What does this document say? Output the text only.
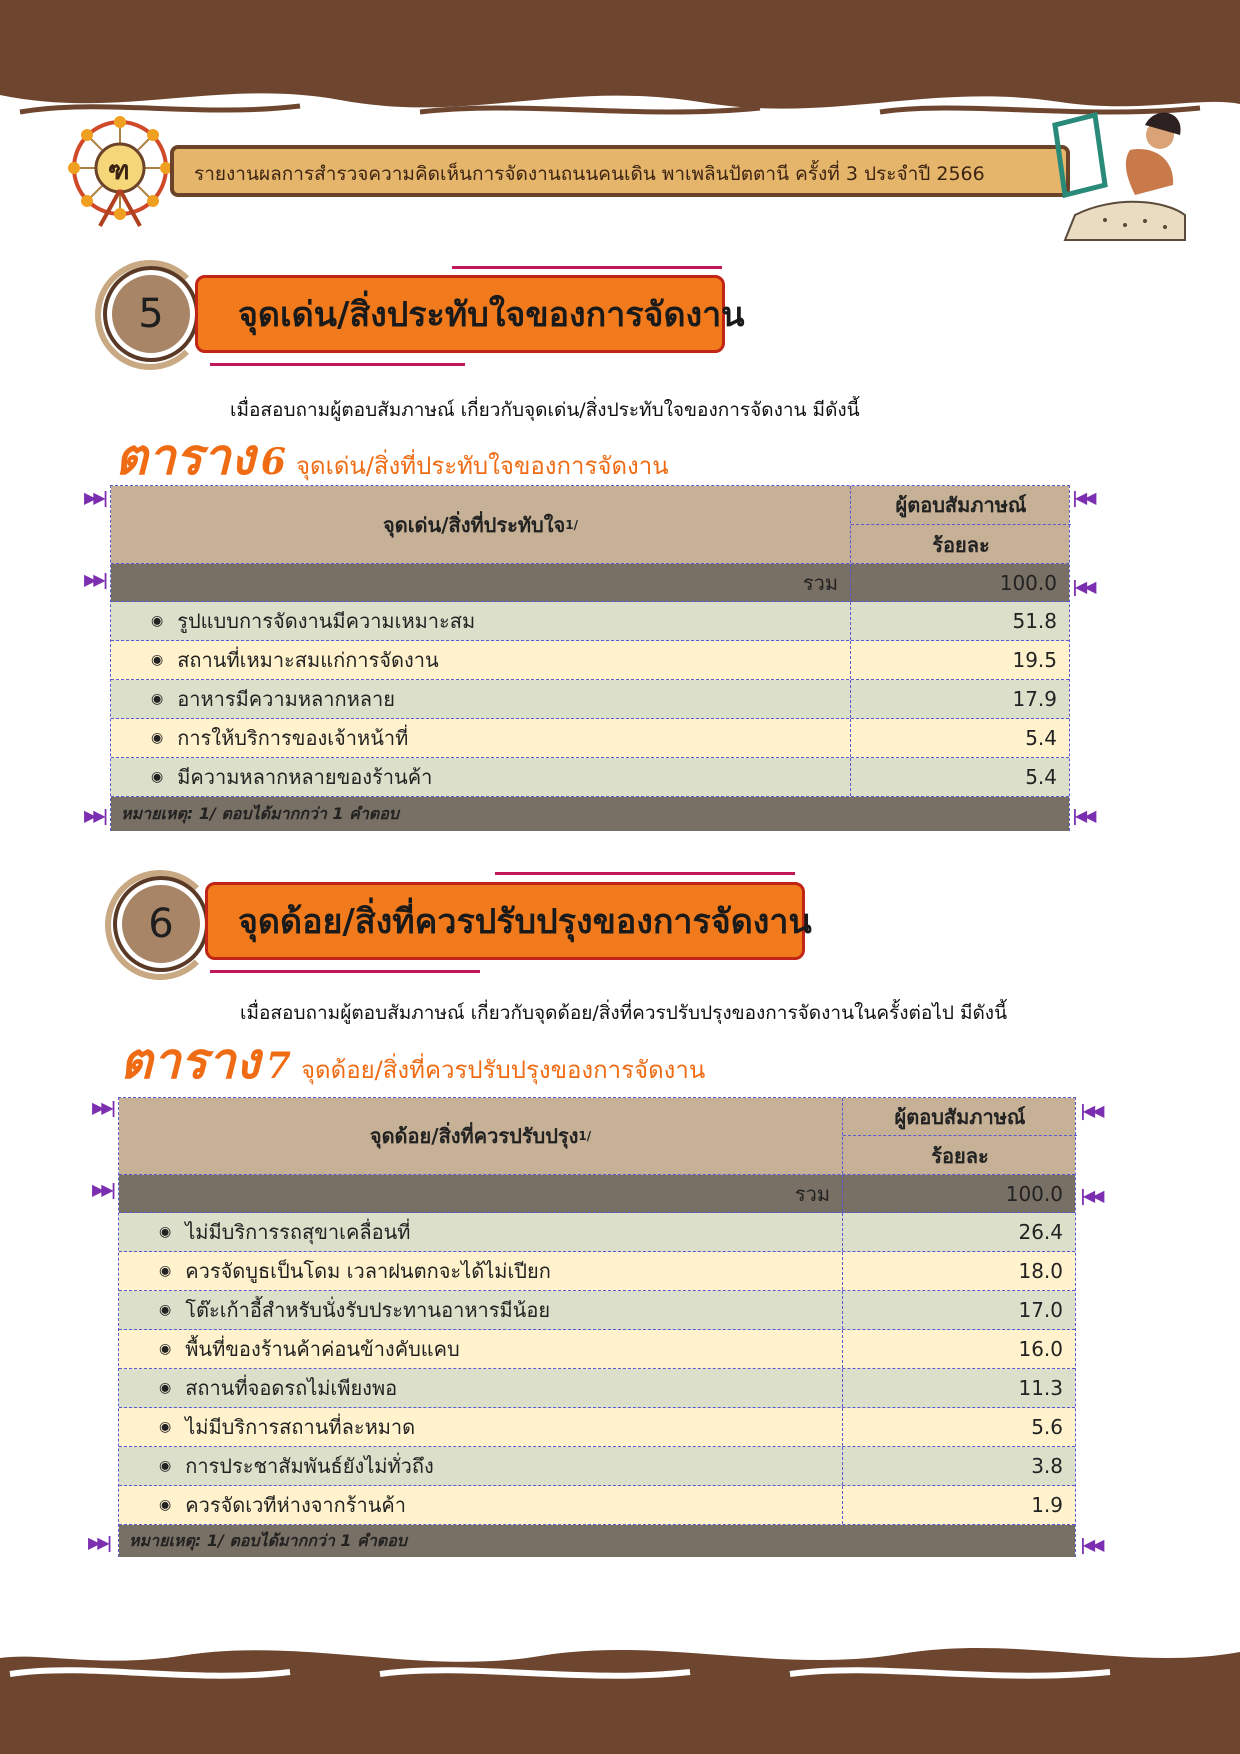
ฑ	รายงานผลการสำรวจความคิดเห็นการจัดงานถนนคนเดิน พาเพลินปัตตานี ครั้งที่ 3 ประจำปี 2566
5	จุดเด่น/สิ่งประทับใจของการจัดงาน
เมื่อสอบถามผู้ตอบสัมภาษณ์ เกี่ยวกับจุดเด่น/สิ่งประทับใจของการจัดงาน มีดังนี้
ตาราง 6 จุดเด่น/สิ่งที่ประทับใจของการจัดงาน
จุดเด่น/สิ่งที่ประทับใจ 1/
ผู้ตอบสัมภาษณ์
ร้อยละ
รวม	100.0
◉ รูปแบบการจัดงานมีความเหมาะสม	51.8
◉ สถานที่เหมาะสมแก่การจัดงาน	19.5
◉ อาหารมีความหลากหลาย	17.9
◉ การให้บริการของเจ้าหน้าที่	5.4
◉ มีความหลากหลายของร้านค้า	5.4
หมายเหตุ: 1/ ตอบได้มากกว่า 1 คำตอบ
▶▶|	|◀◀
▶▶|	|◀◀
▶▶|	|◀◀
6	จุดด้อย/สิ่งที่ควรปรับปรุงของการจัดงาน
เมื่อสอบถามผู้ตอบสัมภาษณ์ เกี่ยวกับจุดด้อย/สิ่งที่ควรปรับปรุงของการจัดงานในครั้งต่อไป มีดังนี้
ตาราง 7 จุดด้อย/สิ่งที่ควรปรับปรุงของการจัดงาน
จุดด้อย/สิ่งที่ควรปรับปรุง 1/
ผู้ตอบสัมภาษณ์
ร้อยละ
รวม	100.0
◉ ไม่มีบริการรถสุขาเคลื่อนที่	26.4
◉ ควรจัดบูธเป็นโดม เวลาฝนตกจะได้ไม่เปียก	18.0
◉ โต๊ะเก้าอี้สำหรับนั่งรับประทานอาหารมีน้อย	17.0
◉ พื้นที่ของร้านค้าค่อนข้างคับแคบ	16.0
◉ สถานที่จอดรถไม่เพียงพอ	11.3
◉ ไม่มีบริการสถานที่ละหมาด	5.6
◉ การประชาสัมพันธ์ยังไม่ทั่วถึง	3.8
◉ ควรจัดเวทีห่างจากร้านค้า	1.9
หมายเหตุ: 1/ ตอบได้มากกว่า 1 คำตอบ
▶▶|	|◀◀
▶▶|	|◀◀
▶▶|	|◀◀
